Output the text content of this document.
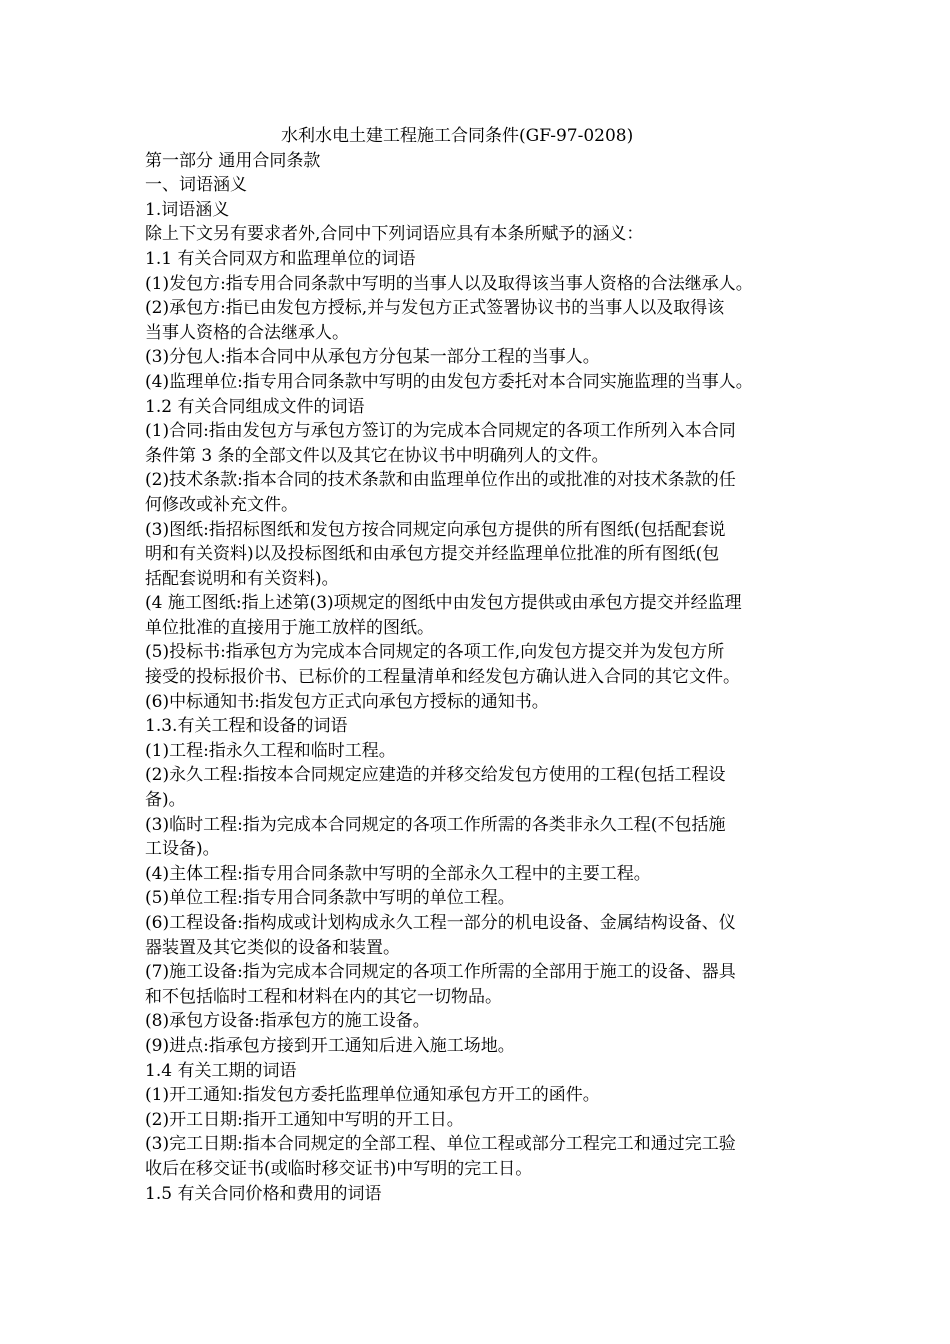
水利水电土建工程施工合同条件(GF-97-0208)

第一部分 通用合同条款

一、词语涵义

1.词语涵义

除上下文另有要求者外,合同中下列词语应具有本条所赋予的涵义：

1.1 有关合同双方和监理单位的词语

(1)发包方:指专用合同条款中写明的当事人以及取得该当事人资格的合法继承人。

(2)承包方:指已由发包方授标,并与发包方正式签署协议书的当事人以及取得该

当事人资格的合法继承人。

(3)分包人:指本合同中从承包方分包某一部分工程的当事人。

(4)监理单位:指专用合同条款中写明的由发包方委托对本合同实施监理的当事人。

1.2 有关合同组成文件的词语

(1)合同:指由发包方与承包方签订的为完成本合同规定的各项工作所列入本合同

条件第 3 条的全部文件以及其它在协议书中明确列人的文件。

(2)技术条款:指本合同的技术条款和由监理单位作出的或批准的对技术条款的任

何修改或补充文件。

(3)图纸:指招标图纸和发包方按合同规定向承包方提供的所有图纸(包括配套说

明和有关资料)以及投标图纸和由承包方提交并经监理单位批准的所有图纸(包

括配套说明和有关资料)。

(4 施工图纸:指上述第(3)项规定的图纸中由发包方提供或由承包方提交并经监理

单位批准的直接用于施工放样的图纸。

(5)投标书:指承包方为完成本合同规定的各项工作,向发包方提交并为发包方所

接受的投标报价书、已标价的工程量清单和经发包方确认进入合同的其它文件。

(6)中标通知书:指发包方正式向承包方授标的通知书。

1.3.有关工程和设备的词语

(1)工程:指永久工程和临时工程。

(2)永久工程:指按本合同规定应建造的并移交给发包方使用的工程(包括工程设

备)。

(3)临时工程:指为完成本合同规定的各项工作所需的各类非永久工程(不包括施

工设备)。

(4)主体工程:指专用合同条款中写明的全部永久工程中的主要工程。

(5)单位工程:指专用合同条款中写明的单位工程。

(6)工程设备:指构成或计划构成永久工程一部分的机电设备、金属结构设备、仪

器装置及其它类似的设备和装置。

(7)施工设备:指为完成本合同规定的各项工作所需的全部用于施工的设备、器具

和不包括临时工程和材料在内的其它一切物品。

(8)承包方设备:指承包方的施工设备。

(9)进点:指承包方接到开工通知后进入施工场地。

1.4 有关工期的词语

(1)开工通知:指发包方委托监理单位通知承包方开工的函件。

(2)开工日期:指开工通知中写明的开工日。

(3)完工日期:指本合同规定的全部工程、单位工程或部分工程完工和通过完工验

收后在移交证书(或临时移交证书)中写明的完工日。

1.5 有关合同价格和费用的词语
